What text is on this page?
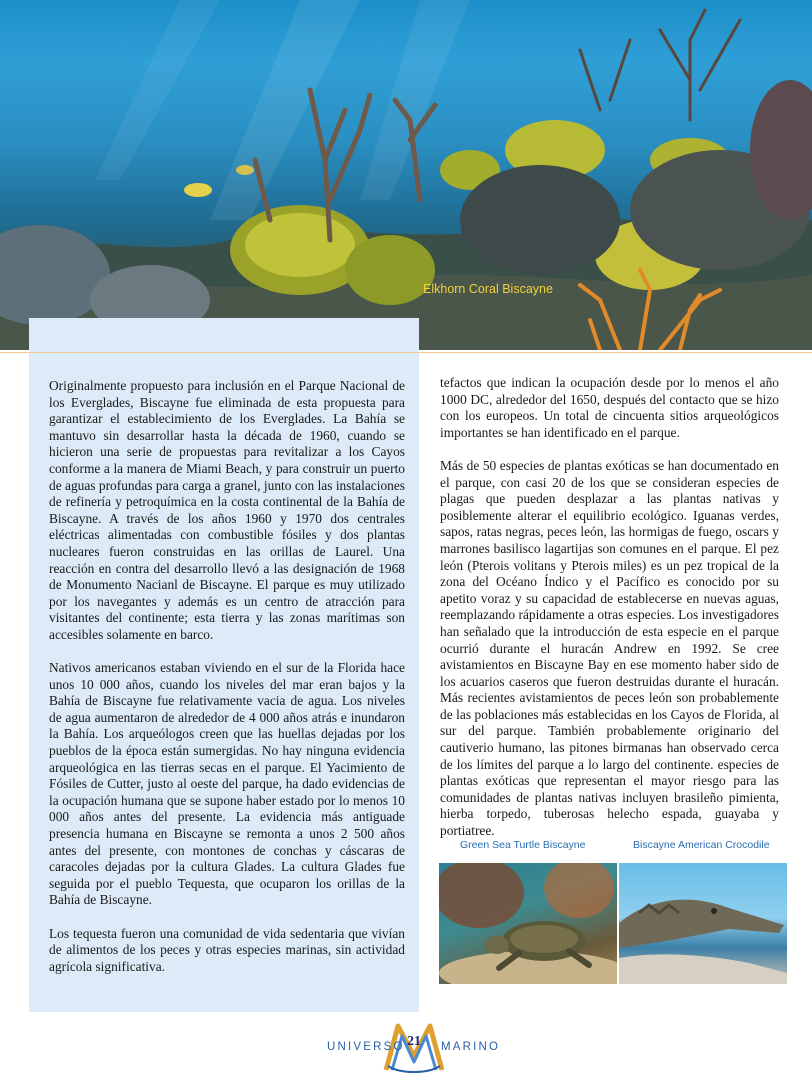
Elkhorn Coral Biscayne

Originalmente propuesto para inclusión en el Parque Nacional de los Everglades, Biscayne fue eliminada de esta propuesta para garantizar el establecimiento de los Everglades. La Bahía se mantuvo sin desarrollar hasta la década de 1960, cuando se hicieron una serie de propuestas para revitalizar a los Cayos conforme a la manera de Miami Beach, y para construir un puerto de aguas profundas para carga a granel, junto con las instalaciones de refinería y petroquímica en la costa continental de la Bahía de Biscayne. A través de los años 1960 y 1970 dos centrales eléctricas alimentadas con combustible fósiles y dos plantas nucleares fueron construidas en las orillas de Laurel. Una reacción en contra del desarrollo llevó a las designación de 1968 de Monumento Nacianl de Biscayne. El parque es muy utilizado por los navegantes y además es un centro de atracción para visitantes del continente; esta tierra y las zonas marítimas son accesibles solamente en barco.

Nativos americanos estaban viviendo en el sur de la Florida hace unos 10 000 años, cuando los niveles del mar eran bajos y la Bahía de Biscayne fue relativamente vacia de agua. Los niveles de agua aumentaron de alrededor de 4 000 años atrás e inundaron la Bahía. Los arqueólogos creen que las huellas dejadas por los pueblos de la época están sumergidas. No hay ninguna evidencia arqueológica en las tierras secas en el parque. El Yacimiento de Fósiles de Cutter, justo al oeste del parque, ha dado evidencias de la ocupación humana que se supone haber estado por lo menos 10 000 años antes del presente. La evidencia más antiguade presencia humana en Biscayne se remonta a unos 2 500 años antes del presente, con montones de conchas y cáscaras de caracoles dejadas por la cultura Glades. La cultura Glades fue seguida por el pueblo Tequesta, que ocuparon los orillas de la Bahía de Biscayne.

Los tequesta fueron una comunidad de vida sedentaria que vivían de alimentos de los peces y otras especies marinas, sin actividad agrícola significativa.

tefactos que indican la ocupación desde por lo menos el año 1000 DC, alrededor del 1650, después del contacto que se hizo con los europeos. Un total de cincuenta sitios arqueológicos importantes se han identificado en el parque.

Más de 50 especies de plantas exóticas se han documentado en el parque, con casi 20 de los que se consideran especies de plagas que pueden desplazar a las plantas nativas y posiblemente alterar el equilibrio ecológico. Iguanas verdes, sapos, ratas negras, peces león, las hormigas de fuego, oscars y marrones basilisco lagartijas son comunes en el parque. El pez león (Pterois volitans y Pterois miles) es un pez tropical de la zona del Océano Índico y el Pacífico es conocido por su apetito voraz y su capacidad de establecerse en nuevas aguas, reemplazando rápidamente a otras especies. Los investigadores han señalado que la introducción de esta especie en el parque ocurrió durante el huracán Andrew en 1992. Se cree avistamientos en Biscayne Bay en ese momento haber sido de los acuarios caseros que fueron destruidas durante el huracán. Más recientes avistamientos de peces león son probablemente de las poblaciones más establecidas en los Cayos de Florida, al sur del parque. También probablemente originario del cautiverio humano, las pitones birmanas han observado cerca de los límites del parque a lo largo del continente. especies de plantas exóticas que representan el mayor riesgo para las comunidades de plantas nativas incluyen brasileño pimienta, hierba torpedo, tuberosas helecho espada, guayaba y portiatree.

Green Sea Turtle Biscayne	Biscayne American Crocodile
UNIVERSO 21	MARINO
